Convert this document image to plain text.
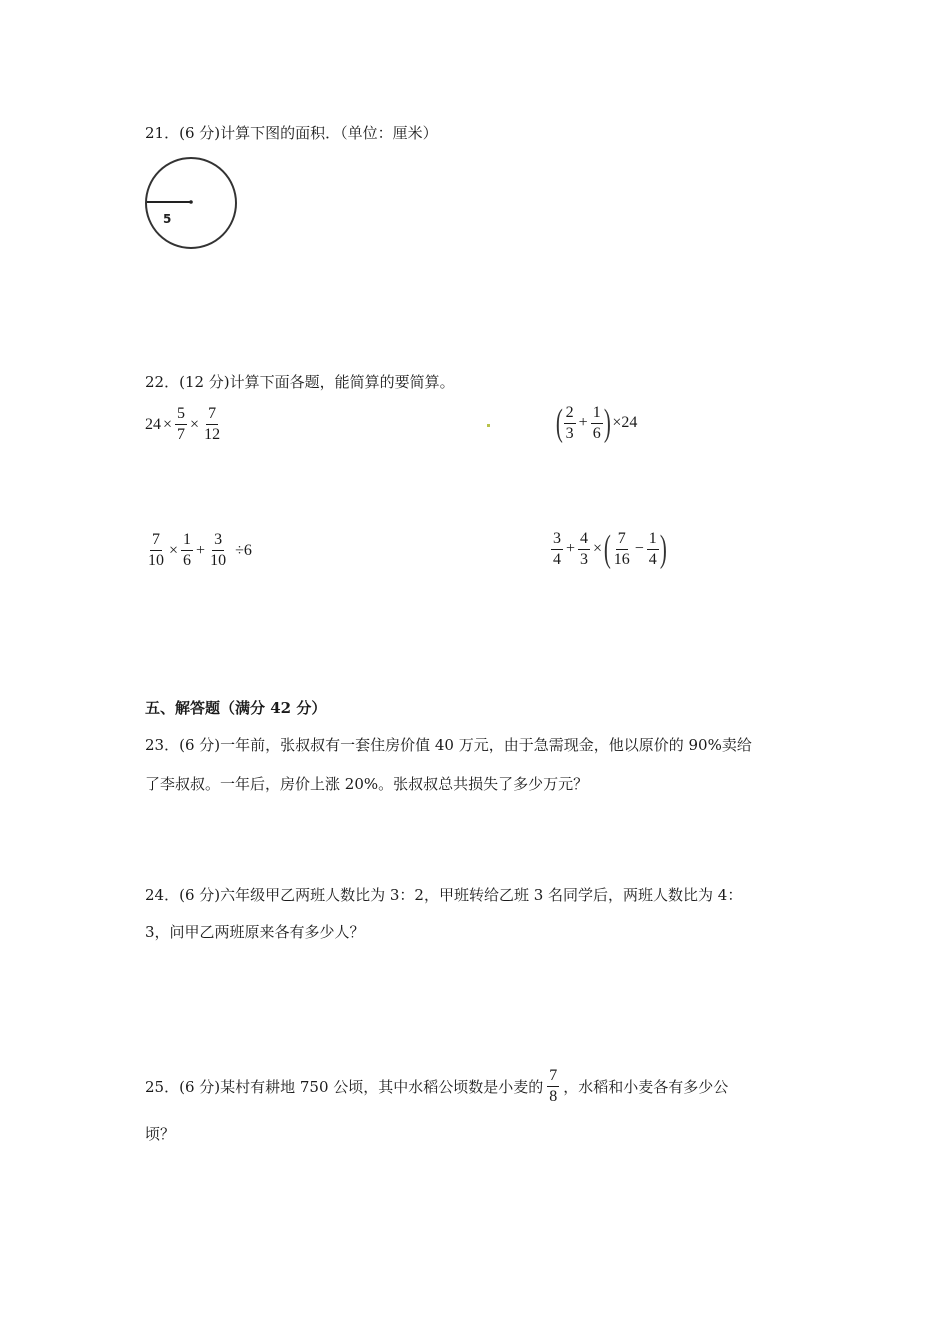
21．(6 分)计算下图的面积．（单位：厘米）
5
22．(12 分)计算下面各题，能简算的要简算。
$24 \times \frac{5}{7} \times \frac{7}{12}$	( $\frac{2}{3} + \frac{1}{6}$ ) ×24
$\frac{7}{10} \times \frac{1}{6} + \frac{3}{10} \div 6$	$\frac{3}{4} + \frac{4}{3}$ × ( $\frac{7}{16} - \frac{1}{4}$ )
五、解答题（满分 42 分）
23．(6 分)一年前，张叔叔有一套住房价值 40 万元，由于急需现金，他以原价的 90%卖给
了李叔叔。一年后，房价上涨 20%。张叔叔总共损失了多少万元？
24．(6 分)六年级甲乙两班人数比为 3：2，甲班转给乙班 3 名同学后，两班人数比为 4：
3，问甲乙两班原来各有多少人？
25．(6 分)某村有耕地 750 公顷，其中水稻公顷数是小麦的 $\frac{7}{8}$ ，水稻和小麦各有多少公
顷？
